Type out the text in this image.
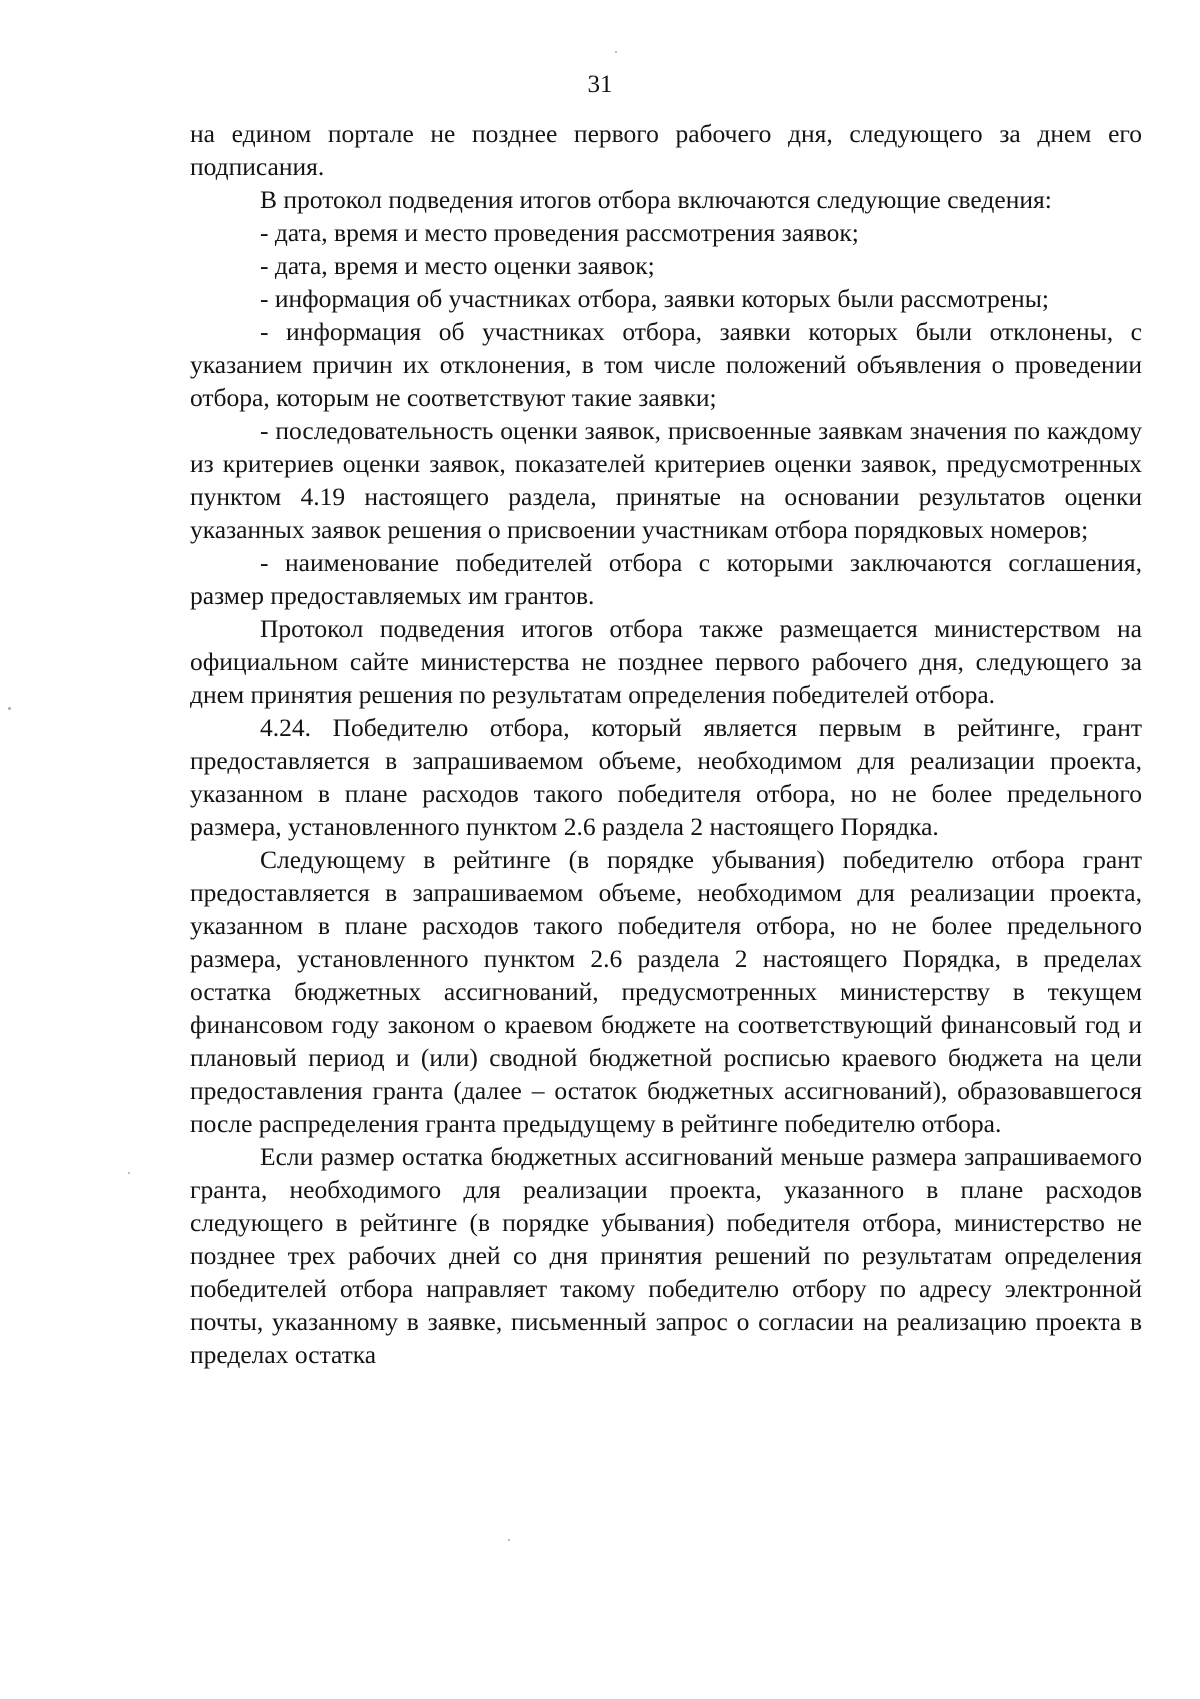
31

на едином портале не позднее первого рабочего дня, следующего за днем его подписания.

В протокол подведения итогов отбора включаются следующие сведения:

- дата, время и место проведения рассмотрения заявок;

- дата, время и место оценки заявок;

- информация об участниках отбора, заявки которых были рассмотрены;

- информация об участниках отбора, заявки которых были отклонены, с указанием причин их отклонения, в том числе положений объявления о проведении отбора, которым не соответствуют такие заявки;

- последовательность оценки заявок, присвоенные заявкам значения по каждому из критериев оценки заявок, показателей критериев оценки заявок, предусмотренных пунктом 4.19 настоящего раздела, принятые на основании результатов оценки указанных заявок решения о присвоении участникам отбора порядковых номеров;

- наименование победителей отбора с которыми заключаются соглашения, размер предоставляемых им грантов.

Протокол подведения итогов отбора также размещается министерством на официальном сайте министерства не позднее первого рабочего дня, следующего за днем принятия решения по результатам определения победителей отбора.

4.24. Победителю отбора, который является первым в рейтинге, грант предоставляется в запрашиваемом объеме, необходимом для реализации проекта, указанном в плане расходов такого победителя отбора, но не более предельного размера, установленного пунктом 2.6 раздела 2 настоящего Порядка.

Следующему в рейтинге (в порядке убывания) победителю отбора грант предоставляется в запрашиваемом объеме, необходимом для реализации проекта, указанном в плане расходов такого победителя отбора, но не более предельного размера, установленного пунктом 2.6 раздела 2 настоящего Порядка, в пределах остатка бюджетных ассигнований, предусмотренных министерству в текущем финансовом году законом о краевом бюджете на соответствующий финансовый год и плановый период и (или) сводной бюджетной росписью краевого бюджета на цели предоставления гранта (далее – остаток бюджетных ассигнований), образовавшегося после распределения гранта предыдущему в рейтинге победителю отбора.

Если размер остатка бюджетных ассигнований меньше размера запрашиваемого гранта, необходимого для реализации проекта, указанного в плане расходов следующего в рейтинге (в порядке убывания) победителя отбора, министерство не позднее трех рабочих дней со дня принятия решений по результатам определения победителей отбора направляет такому победителю отбору по адресу электронной почты, указанному в заявке, письменный запрос о согласии на реализацию проекта в пределах остатка
